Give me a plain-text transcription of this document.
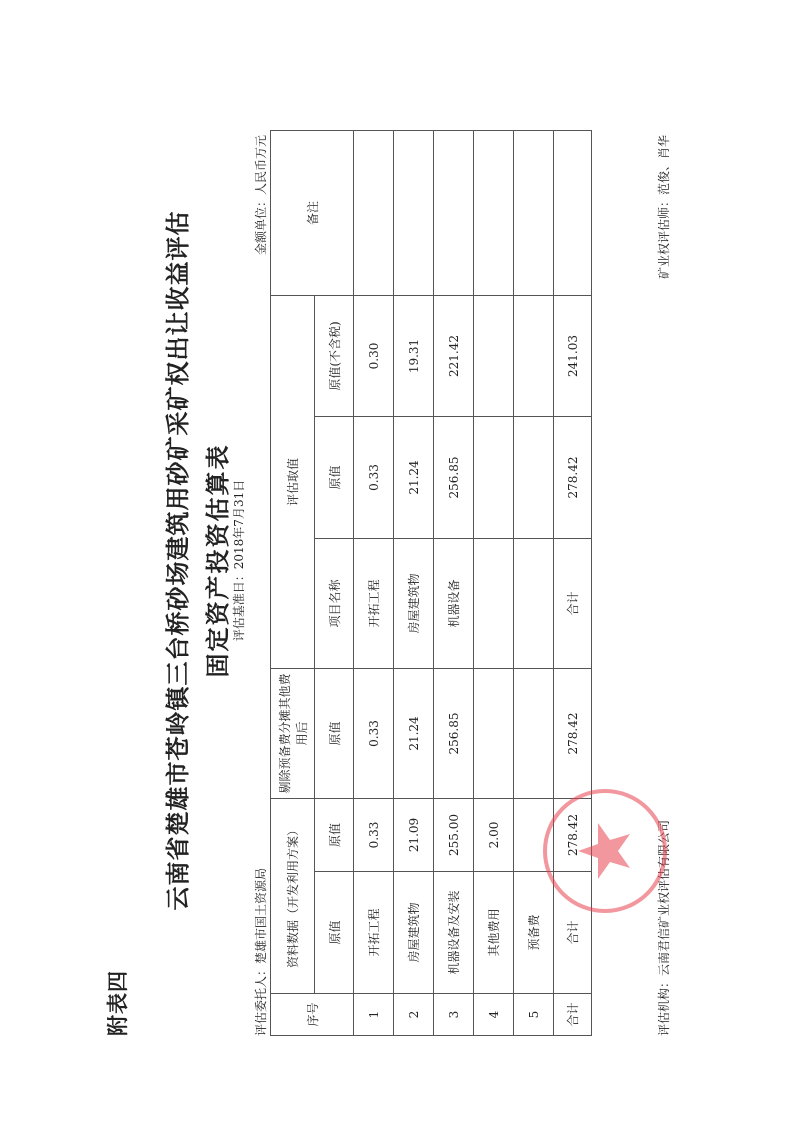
附表四
云南省楚雄市苍岭镇三台桥砂场建筑用砂矿采矿权出让收益评估 固定资产投资估算表 评估基准日：2018年7月31日
评估委托人：楚雄市国土资源局
金额单位：人民币万元
序号	资料数据（开发利用方案）		剔除预备费分摊其他费用后	评估取值			备注
	原值	原值	原值	项目名称	原值	原值(不含税)	
1	开拓工程	0.33	0.33	开拓工程	0.33	0.30	
2	房屋建筑物	21.09	21.24	房屋建筑物	21.24	19.31	
3	机器设备及安装	255.00	256.85	机器设备	256.85	221.42	
4	其他费用	2.00					
5	预备费						
合计	合计	278.42	278.42	合计	278.42	241.03	
评估机构：云南君信矿业权评估有限公司
矿业权评估师：范俊、肖华
